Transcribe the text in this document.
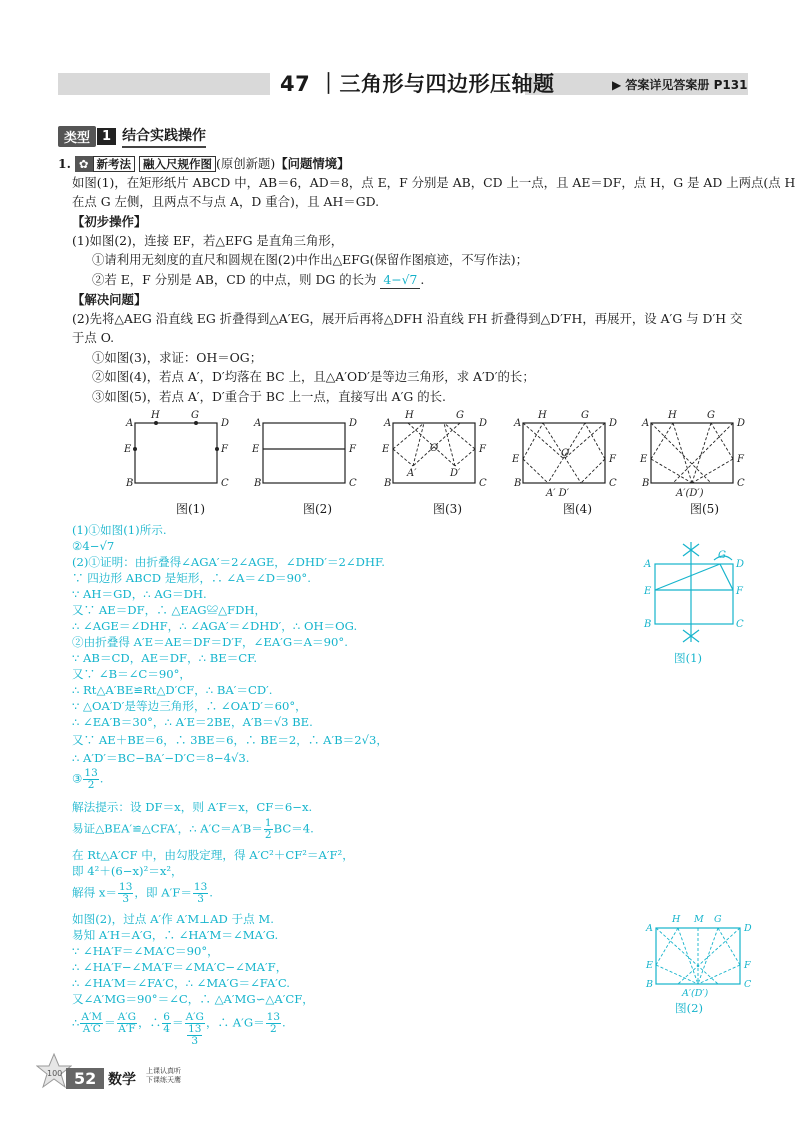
47 ｜三角形与四边形压轴题	▶ 答案详见答案册 P131
类型 1 结合实践操作
1. ✿ 新考法 融入尺规作图 (原创新题)【问题情境】
如图(1)，在矩形纸片 ABCD 中，AB＝6，AD＝8，点 E，F 分别是 AB，CD 上一点，且 AE＝DF，点 H，G 是 AD 上两点(点 H
在点 G 左侧，且两点不与点 A，D 重合)，且 AH＝GD.
【初步操作】
(1)如图(2)，连接 EF，若△EFG 是直角三角形，
①请利用无刻度的直尺和圆规在图(2)中作出△EFG(保留作图痕迹，不写作法)；
②若 E，F 分别是 AB，CD 的中点，则 DG 的长为 4−√7 .
【解决问题】
(2)先将△AEG 沿直线 EG 折叠得到△A′EG，展开后再将△DFH 沿直线 FH 折叠得到△D′FH，再展开，设 A′G 与 D′H 交
于点 O.
①如图(3)，求证：OH＝OG；
②如图(4)，若点 A′，D′均落在 BC 上，且△A′OD′是等边三角形，求 A′D′的长；
③如图(5)，若点 A′，D′重合于 BC 上一点，直接写出 A′G 的长.
A
H	G
D
E	F
B	C
A	D
E	F
B	C
A	D
H	G
E	F
O
A′	D′
B	C
A	D
H	G
E	F
O
B	C
A′ D′
A	D
H	G
E	F
B	C
A′(D′)
图(1)	图(2)	图(3)	图(4)	图(5)
(1)①如图(1)所示.
②4−√7
(2)①证明：由折叠得∠AGA′＝2∠AGE，∠DHD′＝2∠DHF.
∵ 四边形 ABCD 是矩形，∴ ∠A＝∠D＝90°.
∵ AH＝GD，∴ AG＝DH.
又∵ AE＝DF，∴ △EAG≌△FDH，
∴ ∠AGE＝∠DHF，∴ ∠AGA′＝∠DHD′，∴ OH＝OG.
②由折叠得 A′E＝AE＝DF＝D′F，∠EA′G＝A＝90°.
∵ AB＝CD，AE＝DF，∴ BE＝CF.
又∵ ∠B＝∠C＝90°，
∴ Rt△A′BE≌Rt△D′CF，∴ BA′＝CD′.
∵ △OA′D′是等边三角形，∴ ∠OA′D′＝60°，
∴ ∠EA′B＝30°，∴ A′E＝2BE，A′B＝√3 BE.
又∵ AE＋BE＝6，∴ 3BE＝6，∴ BE＝2，∴ A′B＝2√3，
∴ A′D′＝BC−BA′−D′C＝8−4√3.
③ $\frac{13}{2}$ .
解法提示：设 DF＝x，则 A′F＝x，CF＝6−x.
易证△BEA′≌△CFA′，∴ $A'C=A'B= \frac{1}{2} BC=4$.
在 Rt△A′CF 中，由勾股定理，得 A′C²＋CF²＝A′F²，
即 4²＋(6−x)²＝x²，
解得 $x= \frac{13}{3}$ ，即 $A'F= \frac{13}{3}$ .
如图(2)，过点 A′作 A′M⊥AD 于点 M.
易知 A′H＝A′G，∴ ∠HA′M＝∠MA′G.
∵ ∠HA′F＝∠MA′C＝90°，
∴ ∠HA′F−∠MA′F＝∠MA′C−∠MA′F，
∴ ∠HA′M＝∠FA′C，∴ ∠MA′G＝∠FA′C.
又∠A′MG＝90°＝∠C，∴ △A′MG∽△A′CF，
∴ $\frac{A'M}{A'C} = \frac{A'G}{A'F}$ ，∴ $\frac{6}{4} = \frac{A'G}{\frac{13}{3}}$ ，∴ $A'G= \frac{13}{2}$ .
A
G
D
E	F
B	C
图(1)
A
H M G
D
E	F
B	C
A′(D′)
图(2)
100 52 数学
上课认真听
下课练天鹰
